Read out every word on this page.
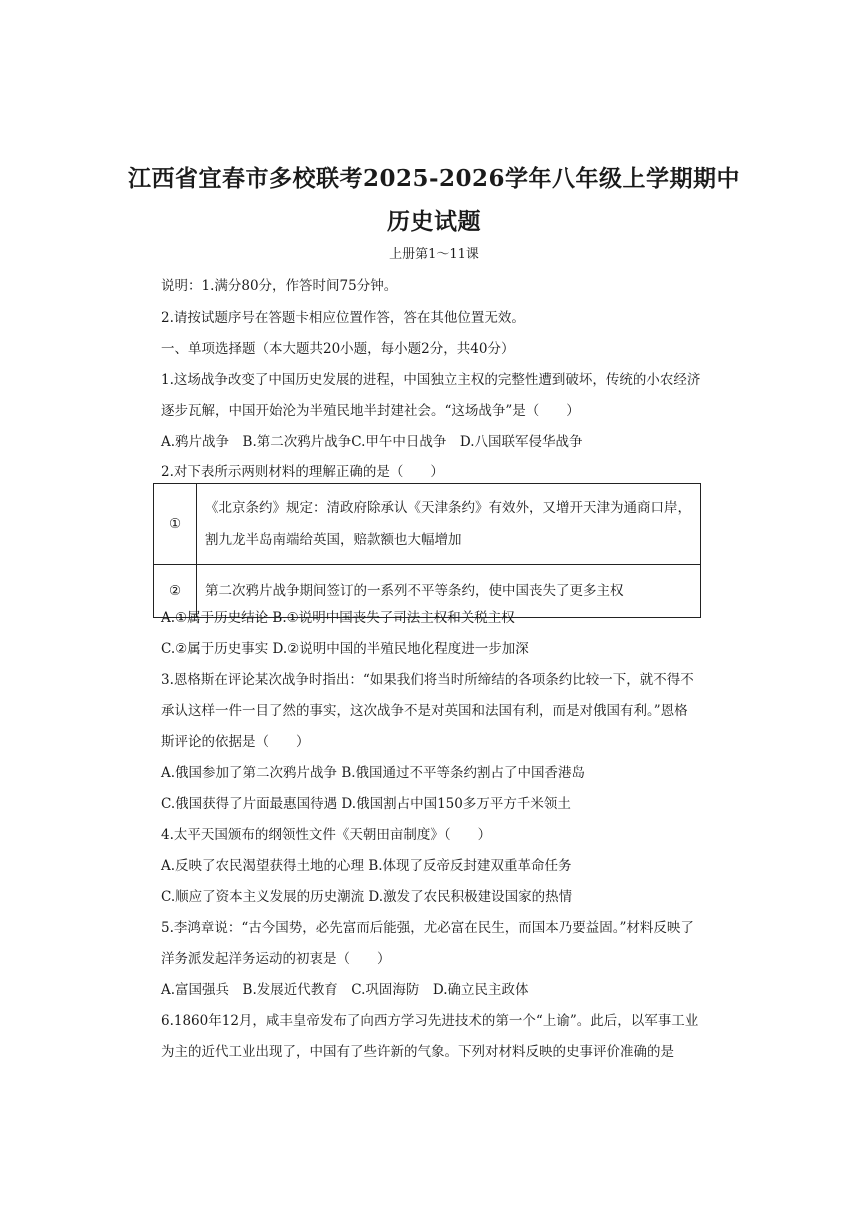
江西省宜春市多校联考2025-2026学年八年级上学期期中
历史试题
上册第1～11课
说明：1.满分80分，作答时间75分钟。
2.请按试题序号在答题卡相应位置作答，答在其他位置无效。
一、单项选择题（本大题共20小题，每小题2分，共40分）
1.这场战争改变了中国历史发展的进程，中国独立主权的完整性遭到破坏，传统的小农经济
逐步瓦解，中国开始沦为半殖民地半封建社会。“这场战争”是（　　）
A.鸦片战争　B.第二次鸦片战争C.甲午中日战争　D.八国联军侵华战争
2.对下表所示两则材料的理解正确的是（　　）
①	《北京条约》规定：清政府除承认《天津条约》有效外，又增开天津为通商口岸，
割九龙半岛南端给英国，赔款额也大幅增加

②	第二次鸦片战争期间签订的一系列不平等条约，使中国丧失了更多主权
A.①属于历史结论 B.①说明中国丧失了司法主权和关税主权
C.②属于历史事实 D.②说明中国的半殖民地化程度进一步加深
3.恩格斯在评论某次战争时指出：“如果我们将当时所缔结的各项条约比较一下，就不得不
承认这样一件一目了然的事实，这次战争不是对英国和法国有利，而是对俄国有利。”恩格
斯评论的依据是（　　）
A.俄国参加了第二次鸦片战争 B.俄国通过不平等条约割占了中国香港岛
C.俄国获得了片面最惠国待遇 D.俄国割占中国150多万平方千米领土
4.太平天国颁布的纲领性文件《天朝田亩制度》（　　）
A.反映了农民渴望获得土地的心理 B.体现了反帝反封建双重革命任务
C.顺应了资本主义发展的历史潮流 D.激发了农民积极建设国家的热情
5.李鸿章说：“古今国势，必先富而后能强，尤必富在民生，而国本乃要益固。”材料反映了
洋务派发起洋务运动的初衷是（　　）
A.富国强兵　B.发展近代教育　C.巩固海防　D.确立民主政体
6.1860年12月，咸丰皇帝发布了向西方学习先进技术的第一个“上谕”。此后，以军事工业
为主的近代工业出现了，中国有了些许新的气象。下列对材料反映的史事评价准确的是
